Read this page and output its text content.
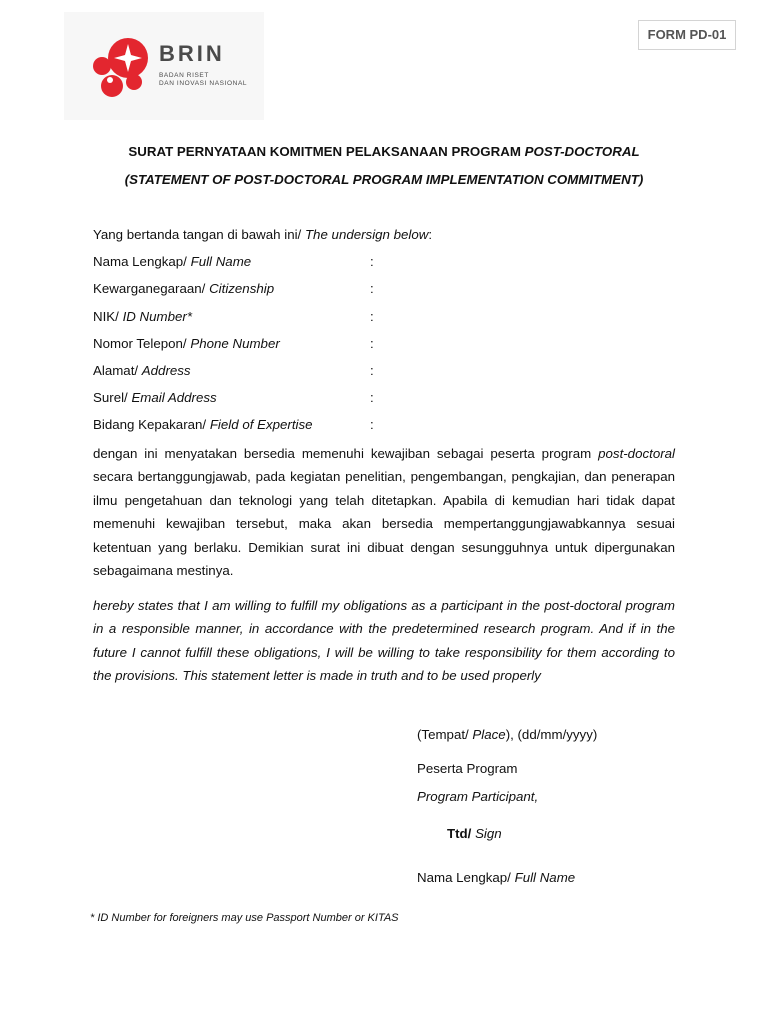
BRIN
BADAN RISET
DAN INOVASI NASIONAL
FORM PD-01
SURAT PERNYATAAN KOMITMEN PELAKSANAAN PROGRAM POST-DOCTORAL
(STATEMENT OF POST-DOCTORAL PROGRAM IMPLEMENTATION COMMITMENT)
Yang bertanda tangan di bawah ini/ The undersign below:
Nama Lengkap/ Full Name	:
Kewarganegaraan/ Citizenship	:
NIK/ ID Number*	:
Nomor Telepon/ Phone Number	:
Alamat/ Address	:
Surel/ Email Address	:
Bidang Kepakaran/ Field of Expertise	:

dengan ini menyatakan bersedia memenuhi kewajiban sebagai peserta program post-doctoral secara bertanggungjawab, pada kegiatan penelitian, pengembangan, pengkajian, dan penerapan ilmu pengetahuan dan teknologi yang telah ditetapkan. Apabila di kemudian hari tidak dapat memenuhi kewajiban tersebut, maka akan bersedia mempertanggungjawabkannya sesuai ketentuan yang berlaku. Demikian surat ini dibuat dengan sesungguhnya untuk dipergunakan sebagaimana mestinya.

hereby states that I am willing to fulfill my obligations as a participant in the post-doctoral program in a responsible manner, in accordance with the predetermined research program. And if in the future I cannot fulfill these obligations, I will be willing to take responsibility for them according to the provisions. This statement letter is made in truth and to be used properly

(Tempat/ Place), (dd/mm/yyyy)
Peserta Program
Program Participant,
Ttd/ Sign
Nama Lengkap/ Full Name
* ID Number for foreigners may use Passport Number or KITAS
